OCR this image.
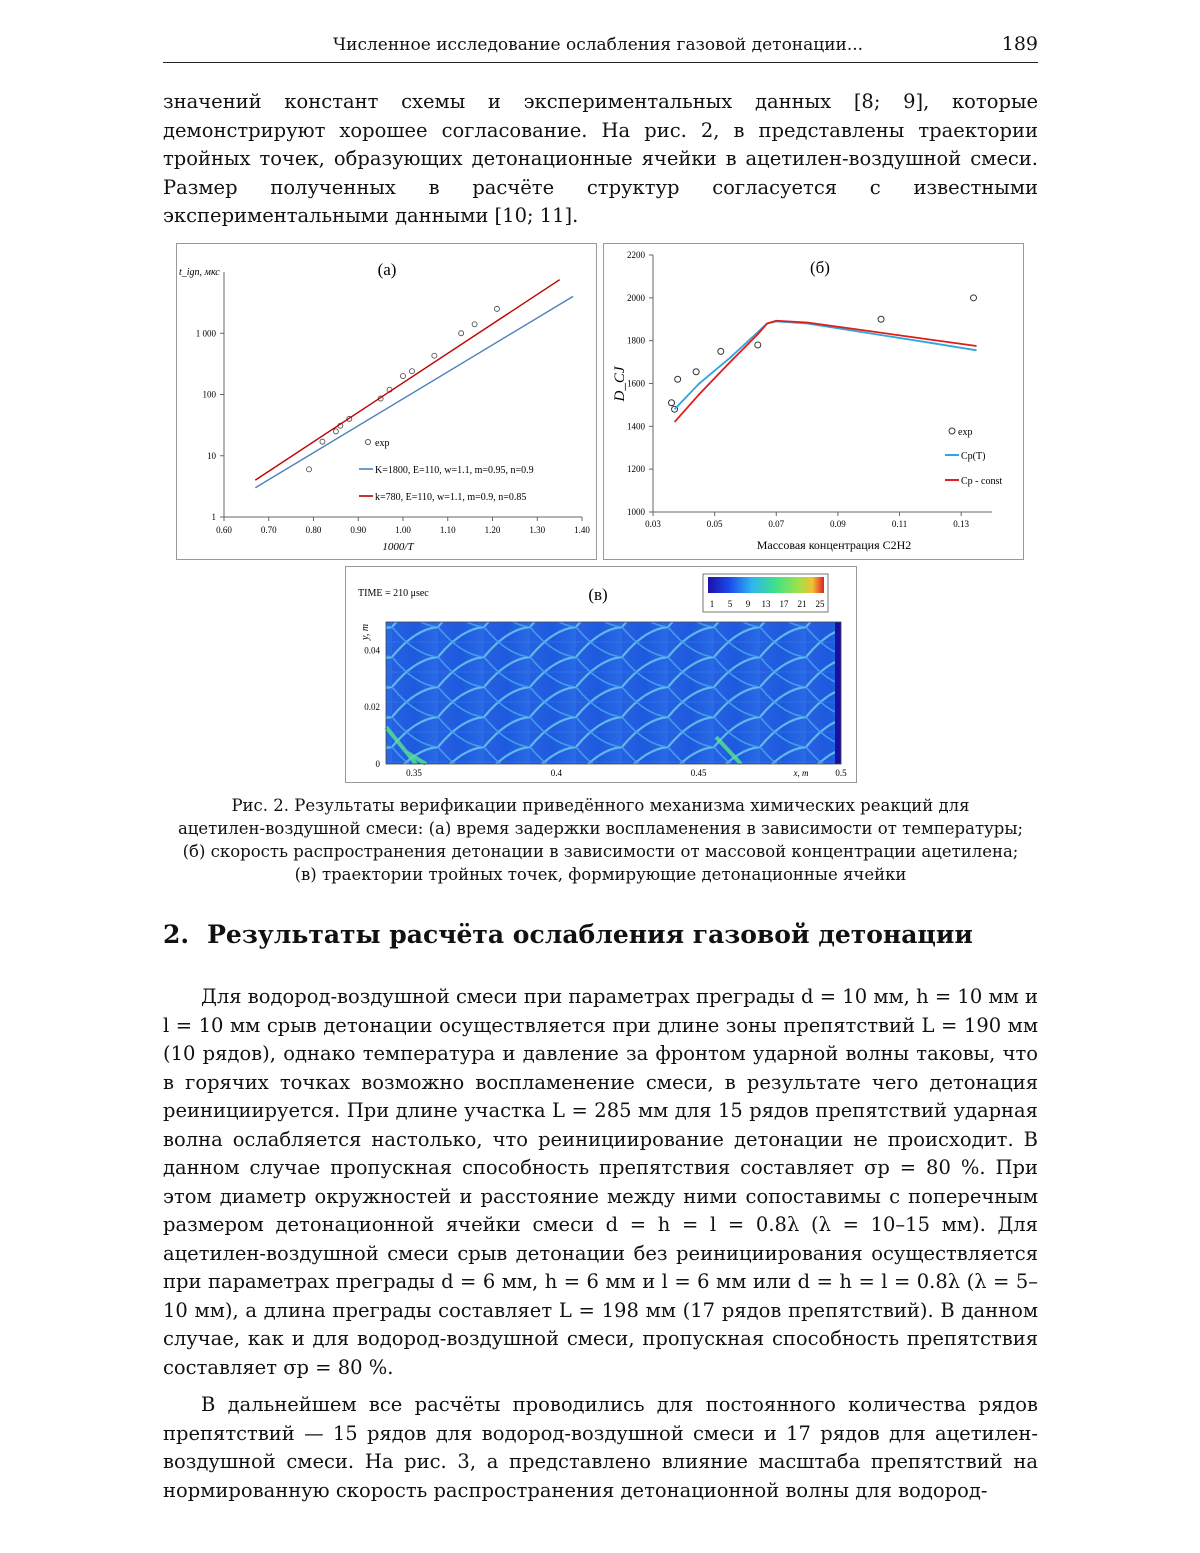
Численное исследование ослабления газовой детонации...	189

значений констант схемы и экспериментальных данных [8; 9], которые демонстрируют хорошее согласование. На рис. 2, в представлены траектории тройных точек, образующих детонационные ячейки в ацетилен-воздушной смеси. Размер полученных в расчёте структур согласуется с известными экспериментальными данными [10; 11].

(а)
t_ign, мкс
1000/T
1
10
100
1 000
0.60	0.70	0.80	0.90	1.00	1.10	1.20	1.30	1.40
exp
K=1800, E=110, w=1.1, m=0.95, n=0.9
k=780, E=110, w=1.1, m=0.9, n=0.85
(б)
D_CJ
Массовая концентрация C2H2
1000
1200
1400
1600
1800
2000
2200
0.03	0.05	0.07	0.09	0.11	0.13
exp
Cp(T)
Cp - const
TIME = 210 μsec	(в)
y, m
1 5 9 13 17 21 25
0
0.02
0.04
0.35	0.4	0.45	0.5
x, m
Рис. 2. Результаты верификации приведённого механизма химических реакций для
ацетилен-воздушной смеси: (а) время задержки воспламенения в зависимости от температуры;
(б) скорость распространения детонации в зависимости от массовой концентрации ацетилена;
(в) траектории тройных точек, формирующие детонационные ячейки
2. Результаты расчёта ослабления газовой детонации

Для водород-воздушной смеси при параметрах преграды d = 10 мм, h = 10 мм и l = 10 мм срыв детонации осуществляется при длине зоны препятствий L = 190 мм (10 рядов), однако температура и давление за фронтом ударной волны таковы, что в горячих точках возможно воспламенение смеси, в результате чего детонация реинициируется. При длине участка L = 285 мм для 15 рядов препятствий ударная волна ослабляется настолько, что реинициирование детонации не происходит. В данном случае пропускная способность препятствия составляет σp = 80 %. При этом диаметр окружностей и расстояние между ними сопоставимы с поперечным размером детонационной ячейки смеси d = h = l = 0.8λ (λ = 10–15 мм). Для ацетилен-воздушной смеси срыв детонации без реинициирования осуществляется при параметрах преграды d = 6 мм, h = 6 мм и l = 6 мм или d = h = l = 0.8λ (λ = 5–10 мм), а длина преграды составляет L = 198 мм (17 рядов препятствий). В данном случае, как и для водород-воздушной смеси, пропускная способность препятствия составляет σp = 80 %.

В дальнейшем все расчёты проводились для постоянного количества рядов препятствий — 15 рядов для водород-воздушной смеси и 17 рядов для ацетилен-воздушной смеси. На рис. 3, а представлено влияние масштаба препятствий на нормированную скорость распространения детонационной волны для водород-
